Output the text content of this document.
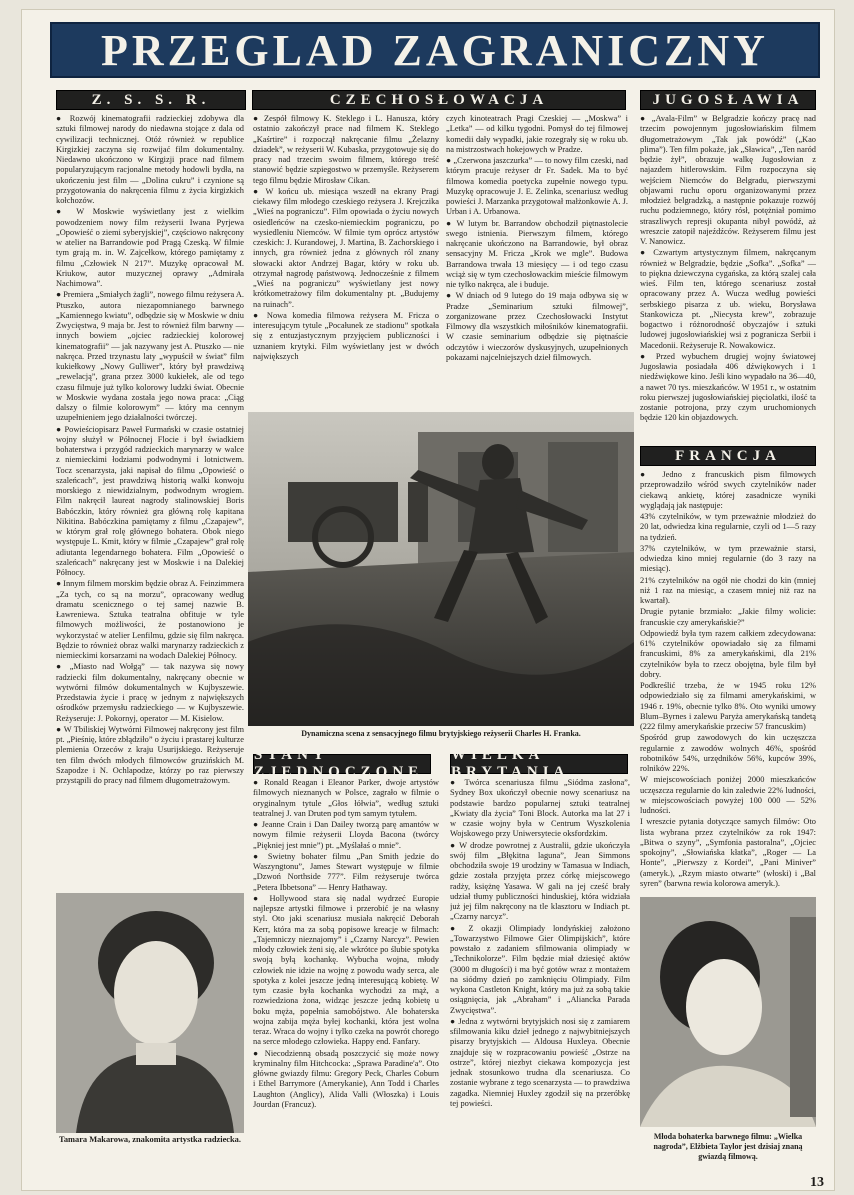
PRZEGLAD ZAGRANICZNY
Z. S. S. R.	CZECHOSŁOWACJA	JUGOSŁAWIA
FRANCJA
STANY ZJEDNOCZONE
WIELKA BRYTANIA

● Rozwój kinematografii radzieckiej zdobywa dla sztuki filmowej narody do niedawna stojące z dala od cywilizacji technicznej. Otóż również w republice Kirgizkiej zaczyna się rozwijać film dokumentalny. Niedawno ukończono w Kirgizji prace nad filmem popularyzującym racjonalne metody hodowli bydła, na ukończeniu jest film — „Dolina cukru” i czynione są przygotowania do nakręcenia filmu z życia kirgizkich kołchozów.

● W Moskwie wyświetlany jest z wielkim powodzeniem nowy film reżyserii Iwana Pyrjewa „Opowieść o ziemi syberyjskiej”, częściowo nakręcony w atelier na Barrandowie pod Pragą Czeską. W filmie tym grają m. in. W. Zajcełkow, którego pamiętamy z filmu „Człowiek N 217”. Muzykę opracował M. Kriukow, autor muzycznej oprawy „Admirała Nachimowa”.

● Premiera „Smiałych żagli”, nowego filmu reżysera A. Ptuszko, autora niezapomnianego barwnego „Kamiennego kwiatu”, odbędzie się w Moskwie w dniu Zwycięstwa, 9 maja br. Jest to również film barwny — innych bowiem „ojciec radzieckiej kolorowej kinematografii” — jak nazywany jest A. Ptuszko — nie nakręca. Przed trzynastu laty „wypuścił w świat” film kukiełkowy „Nowy Gulliwer”, który był prawdziwą „rewelacją”, grana przez 3000 kukiełek, ale od tego czasu filmuje już tylko kolorowy ludzki świat. Obecnie w Moskwie wydana została jego nowa praca: „Ciąg dalszy o filmie kolorowym” — który ma cennym uzupełnieniem jego działalności twórczej.

● Powieściopisarz Paweł Furmański w czasie ostatniej wojny służył w Północnej Flocie i był świadkiem bohaterstwa i przygód radzieckich marynarzy w walce z niemieckimi łodziami podwodnymi i lotnictwem. Tocz scenarzysta, jaki napisał do filmu „Opowieść o szaleńcach”, jest prawdziwą historią walki konwoju morskiego z niewidzialnym, podwodnym wrogiem. Film nakręcił laureat nagrody stalinowskiej Boris Babóczkin, który również gra główną rolę kapitana Nikitina. Babóczkina pamiętamy z filmu „Czapajew”, w którym grał rolę głównego bohatera. Obok niego występuje L. Kmit, który w filmie „Czapajew” grał rolę adiutanta legendarnego bohatera. Film „Opowieść o szaleńcach” nakręcany jest w Moskwie i na Dalekiej Północy.

● Innym filmem morskim będzie obraz A. Feinzimmera „Za tych, co są na morzu”, opracowany według dramatu scenicznego o tej samej nazwie B. Ławreniewa. Sztuka teatralna obfituje w tyle filmowych możliwości, że postanowiono je wykorzystać w atelier Lenfilmu, gdzie się film nakręca. Będzie to również obraz walki marynarzy radzieckich z niemieckimi korsarzami na wodach Dalekiej Północy.

● „Miasto nad Wołgą” — tak nazywa się nowy radziecki film dokumentalny, nakręcany obecnie w wytwórni filmów dokumentalnych w Kujbyszewie. Przedstawia życie i pracę w jednym z największych ośrodków przemysłu radzieckiego — w Kujbyszewie. Reżyseruje: J. Pokornyj, operator — M. Kisielow.

● W Tbiliskiej Wytwórni Filmowej nakręcony jest film pt. „Pieśnię, które zbłądziło” o życiu i prastarej kulturze plemienia Orzeców z kraju Usurijskiego. Reżyseruje ten film dwóch młodych filmowców gruzińskich M. Szapodze i N. Ochlapodze, którzy po raz pierwszy przystąpili do pracy nad filmem długometrażowym.

● Zespół filmowy K. Steklego i L. Hanusza, który ostatnio zakończył prace nad filmem K. Steklego „Kaśrtire” i rozpoczął nakręcanie filmu „Żelazny dziadek”, w reżyserii W. Kubaska, przygotowuje się do pracy nad trzecim swoim filmem, którego treść stanowić będzie szpiegostwo w przemyśle. Reżyserem tego filmu będzie Mirosław Cikan.

● W końcu ub. miesiąca wszedł na ekrany Pragi ciekawy film młodego czeskiego reżysera J. Krejczika „Wieś na pograniczu”. Film opowiada o życiu nowych osiedleńców na czesko-niemieckim pograniczu, po wysiedleniu Niemców. W filmie tym oprócz artystów czeskich: J. Kurandowej, J. Martina, B. Zachorskiego i innych, gra również jedna z głównych ról znany słowacki aktor Andrzej Bagar, który w roku ub. otrzymał nagrodę państwową. Jednocześnie z filmem „Wieś na pograniczu” wyświetlany jest nowy krótkometrażowy film dokumentalny pt. „Budujemy na ruinach”.

● Nowa komedia filmowa reżysera M. Fricza o interesującym tytule „Pocałunek ze stadionu” spotkała się z entuzjastycznym przyjęciem publiczności i uznaniem krytyki. Film wyświetlany jest w dwóch największych

czych kinoteatrach Pragi Czeskiej — „Moskwa” i „Letka” — od kilku tygodni. Pomysł do tej filmowej komedii dały wypadki, jakie rozegrały się w roku ub. na mistrzostwach hokejowych w Pradze.

● „Czerwona jaszczurka” — to nowy film czeski, nad którym pracuje reżyser dr Fr. Sadek. Ma to być filmowa komedia poetycka zupełnie nowego typu. Muzykę opracowuje J. E. Zelinka, scenariusz według powieści J. Marzanka przygotował małżonkowie A. J. Urban i A. Urbanowa.

● W lutym br. Barrandow obchodził piętnastolecie swego istnienia. Pierwszym filmem, którego nakręcanie ukończono na Barrandowie, był obraz sensacyjny M. Fricza „Krok we mgle”. Budowa Barrandowa trwała 13 miesięcy — i od tego czasu wciąż się w tym czechosłowackim mieście filmowym nie tylko nakręca, ale i buduje.

● W dniach od 9 lutego do 19 maja odbywa się w Pradze „Seminarium sztuki filmowej”, zorganizowane przez Czechosłowacki Instytut Filmowy dla wszystkich miłośników kinematografii. W czasie seminarium odbędzie się piętnaście odczytów i wieczorów dyskusyjnych, uzupełnionych pokazami najcelniejszych dzieł filmowych.

● „Avala-Film” w Belgradzie kończy pracę nad trzecim powojennym jugosłowiańskim filmem długometrażowym „Tak jak powódź” („Kao plima”). Ten film pokaże, jak „Sławica”, „Ten naród będzie żył”, obrazuje walkę Jugosłowian z najazdem hitlerowskim. Film rozpoczyna się wejściem Niemców do Belgradu, pierwszymi objawami ruchu oporu organizowanymi przez młodzież belgradzką, a następnie pokazuje rozwój ruchu podziemnego, który rósł, potężniał pomimo straszliwych represji okupanta nibył powódź, aż wreszcie zatopił najeźdźców. Reżyserem filmu jest V. Nanowicz.

● Czwartym artystycznym filmem, nakręcanym również w Belgradzie, będzie „Sofka”. „Sofka” — to piękna dziewczyna cygańska, za którą szalej cała wieś. Film ten, którego scenariusz został opracowany przez A. Wucza według powieści serbskiego pisarza z ub. wieku, Borysława Stankowicza pt. „Niecysta krew”, zobrazuje bogactwo i różnorodność obyczajów i sztuki ludowej jugosłowiańskiej wsi z pogranicza Serbii i Macedonii. Reżyseruje R. Nowakowicz.

● Przed wybuchem drugiej wojny światowej Jugosławia posiadała 406 dźwiękowych i 1 niedźwiękowe kino. Jeśli kino wypadało na 36—40, a nawet 70 tys. mieszkańców. W 1951 r., w ostatnim roku pierwszej jugosłowiańskiej pięciolatki, ilość ta zostanie potrojona, przy czym uruchomionych będzie 120 kin objazdowych.

● Jedno z francuskich pism filmowych przeprowadziło wśród swych czytelników nader ciekawą ankietę, której zasadnicze wyniki wyglądają jak następuje:

43% czytelników, w tym przeważnie młodzież do 20 lat, odwiedza kina regularnie, czyli od 1—5 razy na tydzień.

37% czytelników, w tym przeważnie starsi, odwiedza kino mniej regularnie (do 3 razy na miesiąc).

21% czytelników na ogół nie chodzi do kin (mniej niż 1 raz na miesiąc, a czasem mniej niż raz na kwartał).

Drugie pytanie brzmiało: „Jakie filmy wolicie: francuskie czy amerykańskie?”

Odpowiedź była tym razem całkiem zdecydowana: 61% czytelników opowiadało się za filmami francuskimi, 8% za amerykańskimi, dla 21% czytelników była to rzecz obojętna, byle film był dobry.

Podkreślić trzeba, że w 1945 roku 12% odpowiedziało się za filmami amerykańskimi, w 1946 r. 19%, obecnie tylko 8%. Oto wyniki umowy Blum–Byrnes i zalewu Paryża amerykańską tandetą (222 filmy amerykańskie przeciw 57 francuskim)

Spośród grup zawodowych do kin uczęszcza regularnie z zawodów wolnych 46%, spośród robotników 54%, urzędników 56%, kupców 39%, rolników 22%.

W miejscowościach poniżej 2000 mieszkańców uczęszcza regularnie do kin zaledwie 22% ludności, w miejscowościach powyżej 100 000 — 52% ludności.

I wreszcie pytania dotyczące samych filmów: Oto lista wybrana przez czytelników za rok 1947: „Bitwa o szyny”, „Symfonia pastoralna”, „Ojciec spokojny”, „Słowiańska kłatka”, „Roger — La Honte”, „Pierwszy z Kordei”, „Pani Miniver” (ameryk.), „Rzym miasto otwarte” (włoski) i „Bal syren” (barwna rewia kolorowa ameryk.).

● Ronald Reagan i Eleanor Parker, dwoje artystów filmowych nieznanych w Polsce, zagrało w filmie o oryginalnym tytule „Głos łółwia”, według sztuki teatralnej J. van Druten pod tym samym tytułem.

● Jeanne Crain i Dan Dailey tworzą parę amantów w nowym filmie reżyserii Lloyda Bacona (twórcy „Piękniej jest mnie”) pt. „Myślałaś o mnie”.

● Swietny bohater filmu „Pan Smith jedzie do Waszyngtonu”, James Stewart występuje w filmie „Dzwoń Northside 777”. Film reżyseruje twórca „Petera Ibbetsona” — Henry Hathaway.

● Hollywood stara się nadal wydrzeć Europie najlepsze artystki filmowe i przerobić je na własny styl. Oto jaki scenariusz musiała nakręcić Deborah Kerr, która ma za sobą popisowe kreacje w filmach: „Tajemniczy nieznajomy” i „Czarny Narcyz”. Pewien młody człowiek żeni się, ale wkrótce po ślubie spotyka swoją byłą kochankę. Wybucha wojna, młody człowiek nie idzie na wojnę z powodu wady serca, ale spotyka z kolei jeszcze jedną interesującą kobietę. W tym czasie była kochanka wychodzi za mąż, a rozwiedziona żona, widząc jeszcze jedną kobietę u boku męża, popełnia samobójstwo. Ale bohaterska wojna zabija męża byłej kochanki, która jest wolna teraz. Wraca do wojny i tylko czeka na powrót chorego na serce młodego człowieka. Happy end. Fanfary.

● Niecodzienną obsadą poszczycić się może nowy kryminalny film Hitchcocka: „Sprawa Paradine'a”. Oto główne gwiazdy filmu: Gregory Peck, Charles Coburn i Ethel Barrymore (Amerykanie), Ann Todd i Charles Laughton (Anglicy), Alida Valli (Włoszka) i Louis Jourdan (Francuz).

● Twórca scenariusza filmu „Siódma zasłona”, Sydney Box ukończył obecnie nowy scenariusz na podstawie bardzo popularnej sztuki teatralnej „Kwiaty dla życia” Toni Block. Autorka ma lat 27 i w czasie wojny była w Centrum Wyszkolenia Wojskowego przy Uniwersytecie oksfordzkim.

● W drodze powrotnej z Australii, gdzie ukończyła swój film „Błękitna laguna”, Jean Simmons obchodziła swoje 19 urodziny w Tamasua w Indiach, gdzie została przyjęta przez córkę miejscowego radży, księżnę Yasawa. W gali na jej cześć brały udział tłumy publiczności hinduskiej, która widziała już jej film nakręcony na tle klasztoru w Indiach pt. „Czarny narcyz”.

● Z okazji Olimpiady londyńskiej założono „Towarzystwo Filmowe Gier Olimpijskich”, które powstało z zadaniem sfilmowania olimpiady w „Technikolorze”. Film będzie miał dziesięć aktów (3000 m długości) i ma być gotów wraz z montażem na siódmy dzień po zamknięciu Olimpiady. Film wykona Castleton Knight, który ma już za sobą takie osiągnięcia, jak „Abraham” i „Aliancka Parada Zwycięstwa”.

● Jedna z wytwórni brytyjskich nosi się z zamiarem sfilmowania kiku dzieł jednego z najwybitniejszych pisarzy brytyjskich — Aldousa Huxleya. Obecnie znajduje się w rozpracowaniu powieść „Ostrze na ostrze”, której niezbyt ciekawa kompozycja jest jednak stosunkowo trudna dla scenariusza. Co zostanie wybrane z tego scenarzysta — to prawdziwa zagadka. Niemniej Huxley zgodził się na przeróbkę tej powieści.

Dynamiczna scena z sensacyjnego filmu brytyjskiego reżyserii Charles H. Franka.
Tamara Makarowa, znakomita artystka radziecka.	Młoda bohaterka barwnego filmu: „Wielka nagroda”, Elżbieta Taylor jest dzisiaj znaną gwiazdą filmową.
13
